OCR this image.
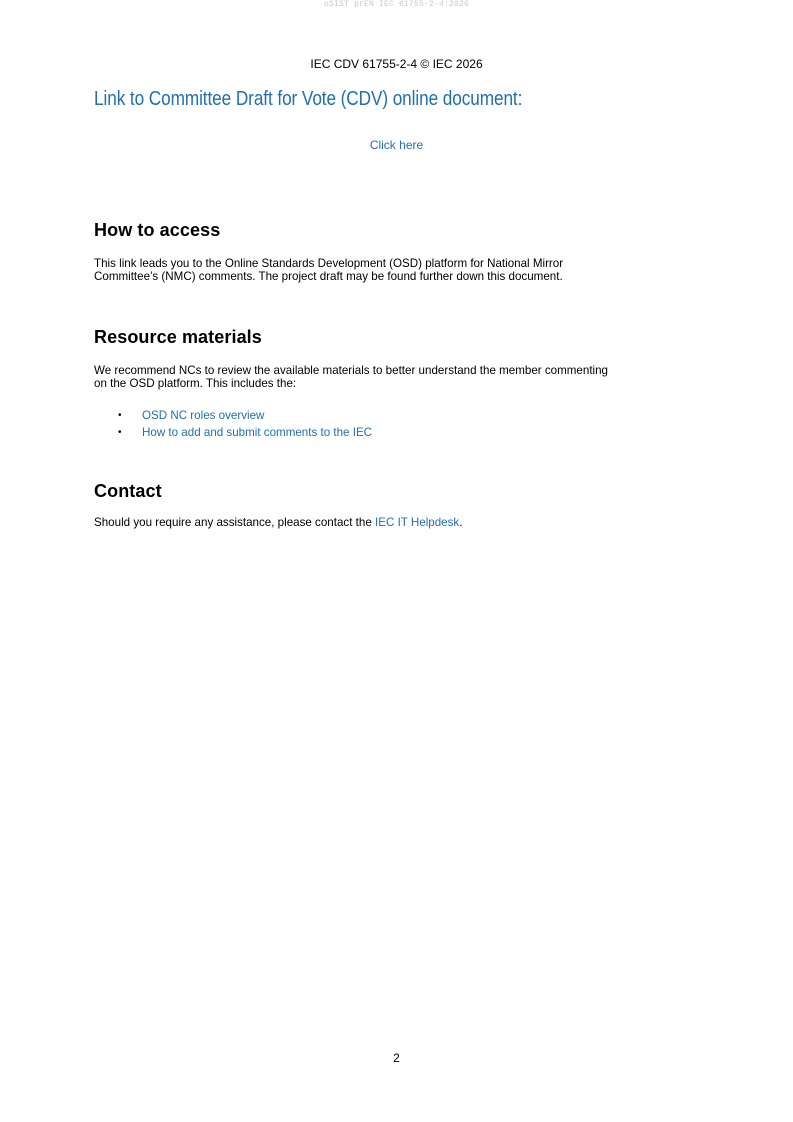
oSIST prEN IEC 61755-2-4:2026
IEC CDV 61755-2-4 © IEC 2026
Link to Committee Draft for Vote (CDV) online document:
Click here
How to access
This link leads you to the Online Standards Development (OSD) platform for National Mirror
Committee’s (NMC) comments. The project draft may be found further down this document.
Resource materials
We recommend NCs to review the available materials to better understand the member commenting
on the OSD platform. This includes the:
•	OSD NC roles overview
•	How to add and submit comments to the IEC
Contact
Should you require any assistance, please contact the IEC IT Helpdesk.
2
